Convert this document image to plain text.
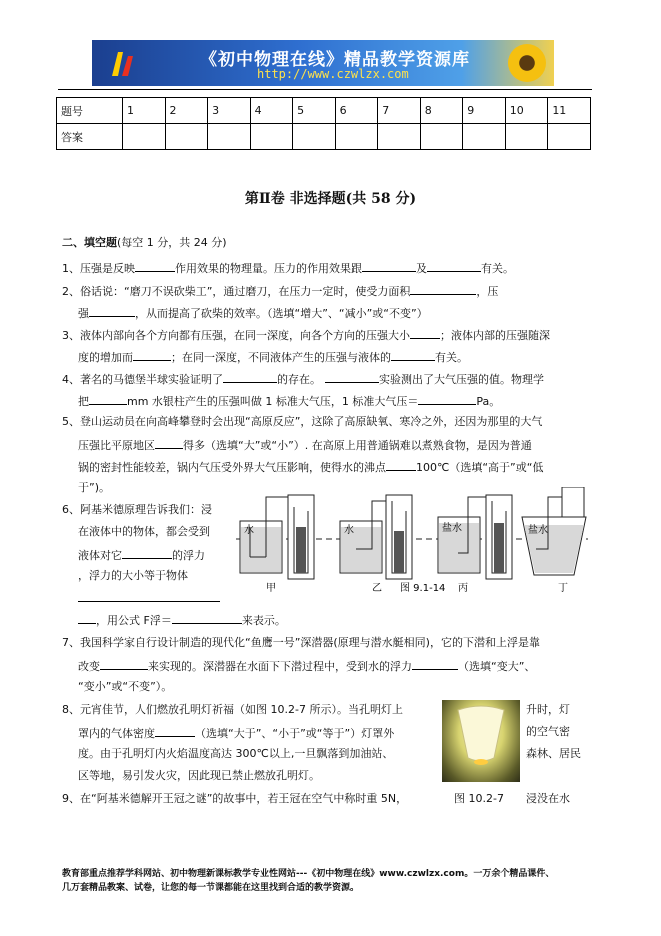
《初中物理在线》精品教学资源库
http://www.czwlzx.com
题号	1	2	3	4	5	6	7	8	9	10	11
答案											
第Ⅱ卷 非选择题(共 58 分)
二、填空题(每空 1 分，共 24 分)
1、压强是反映	作用效果的物理量。压力的作用效果跟	及	有关。
2、俗话说：“磨刀不误砍柴工”，通过磨刀，在压力一定时，使受力面积	，压
强	，从而提高了砍柴的效率。（选填“增大”、“减小”或“不变”）
3、液体内部向各个方向都有压强，在同一深度，向各个方向的压强大小	；液体内部的压强随深
度的增加而	；在同一深度，不同液体产生的压强与液体的	有关。
4、著名的马德堡半球实验证明了	的存在。	实验测出了大气压强的值。物理学
把	mm 水银柱产生的压强叫做 1 标准大气压，1 标准大气压＝	Pa。
5、登山运动员在向高峰攀登时会出现“高原反应”，这除了高原缺氧、寒冷之外，还因为那里的大气
压强比平原地区	得多（选填“大”或“小”）. 在高原上用普通锅难以煮熟食物，是因为普通
锅的密封性能较差，锅内气压受外界大气压影响，使得水的沸点	100℃（选填“高于”或“低
于”)。
6、阿基米德原理告诉我们：浸
在液体中的物体，都会受到
液体对它	的浮力
，浮力的大小等于物体
，用公式 F浮＝	来表示。
水	水	盐水	盐水
甲	乙	丙	丁
图 9.1-14
7、我国科学家自行设计制造的现代化“鱼鹰一号”深潜器(原理与潜水艇相同)，它的下潜和上浮是靠
改变	来实现的。深潜器在水面下下潜过程中，受到水的浮力	（选填“变大”、
“变小”或“不变”）。
8、元宵佳节，人们燃放孔明灯祈福（如图 10.2-7 所示）。当孔明灯上	升时，灯
罩内的气体密度	（选填“大于”、“小于”或“等于”）灯罩外	的空气密
度。由于孔明灯内火焰温度高达 300℃以上,一旦飘落到加油站、	森林、居民
区等地，易引发火灾，因此现已禁止燃放孔明灯。
9、在“阿基米德解开王冠之谜”的故事中，若王冠在空气中称时重 5N，	图 10.2-7 浸没在水
教育部重点推荐学科网站、初中物理新课标教学专业性网站---《初中物理在线》www.czwlzx.com。一万余个精品课件、
几万套精品教案、试卷，让您的每一节课都能在这里找到合适的教学资源。
